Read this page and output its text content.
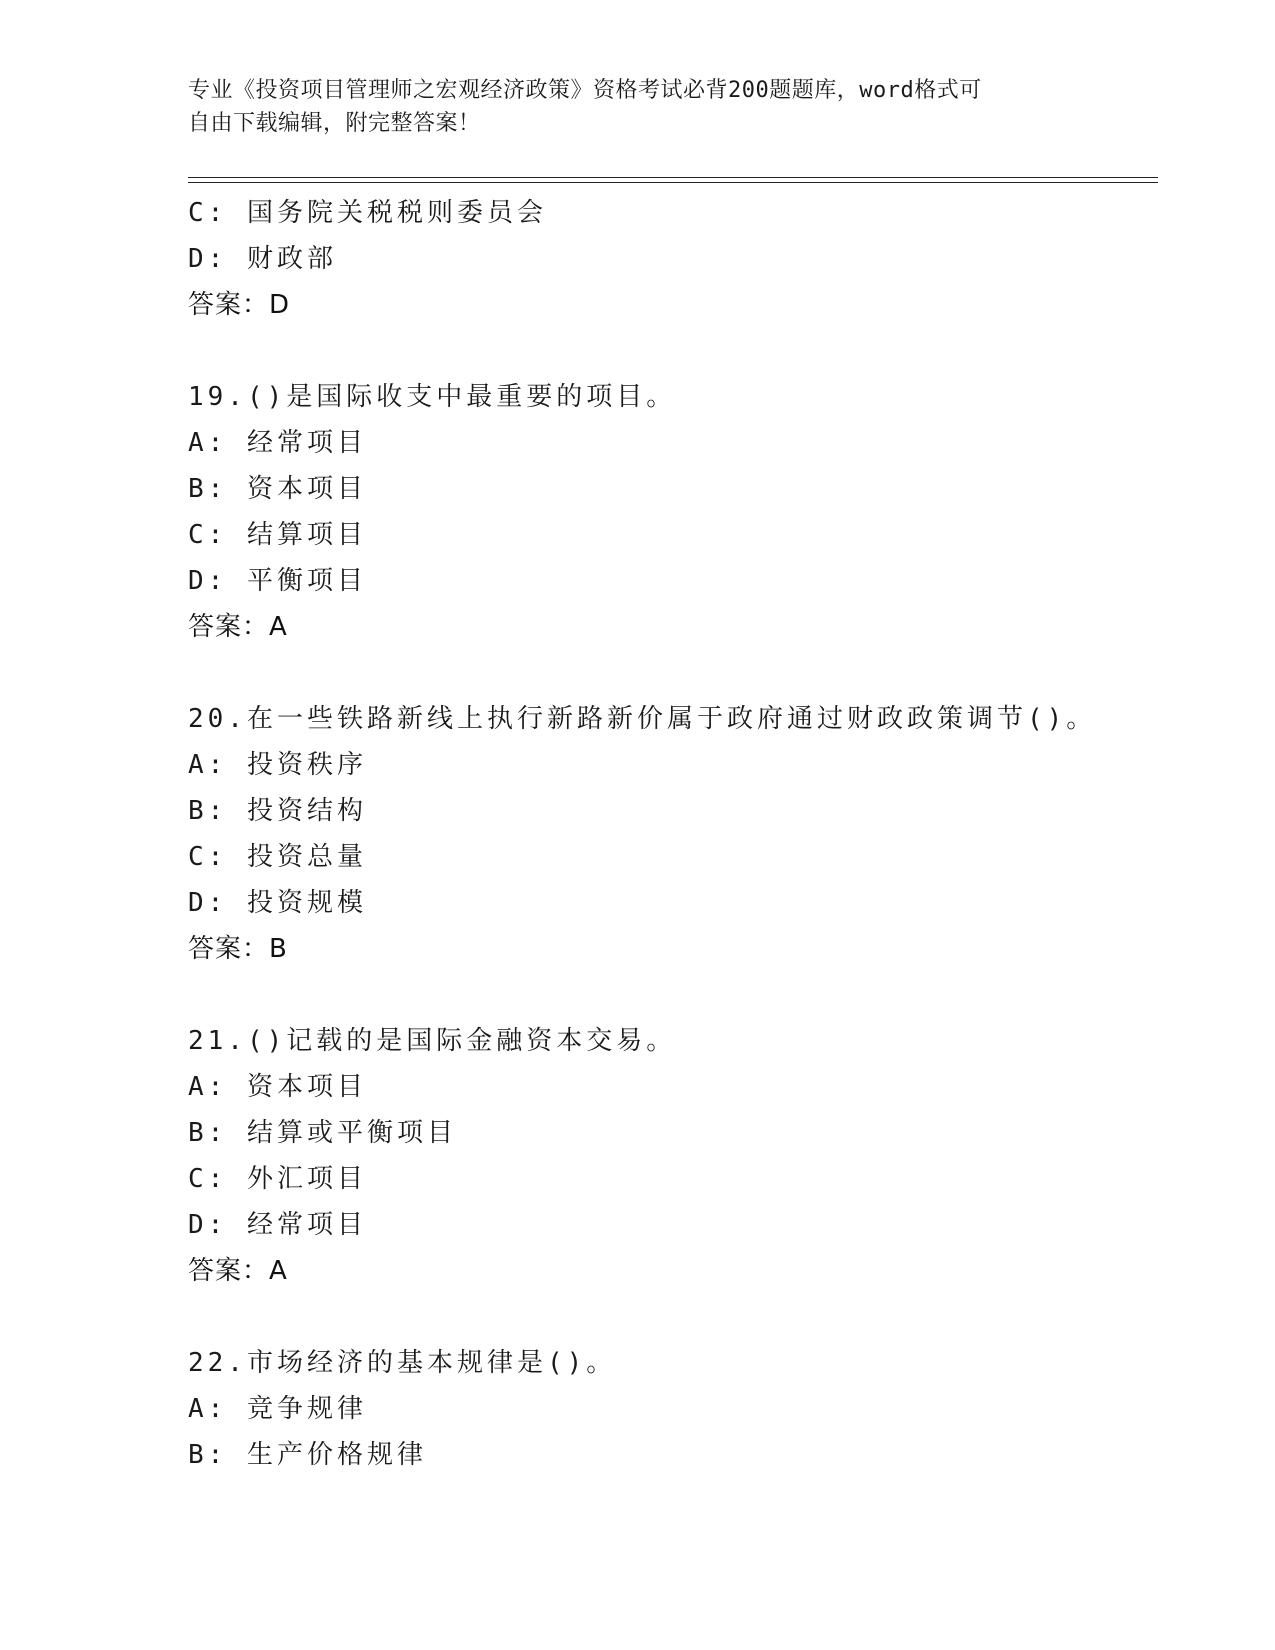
专业《投资项目管理师之宏观经济政策》资格考试必背200题题库，word格式可
自由下载编辑，附完整答案！
C: 国务院关税税则委员会
D: 财政部
答案：D
19.()是国际收支中最重要的项目。
A: 经常项目
B: 资本项目
C: 结算项目
D: 平衡项目
答案：A
20.在一些铁路新线上执行新路新价属于政府通过财政政策调节()。
A: 投资秩序
B: 投资结构
C: 投资总量
D: 投资规模
答案：B
21.()记载的是国际金融资本交易。
A: 资本项目
B: 结算或平衡项目
C: 外汇项目
D: 经常项目
答案：A
22.市场经济的基本规律是()。
A: 竞争规律
B: 生产价格规律
